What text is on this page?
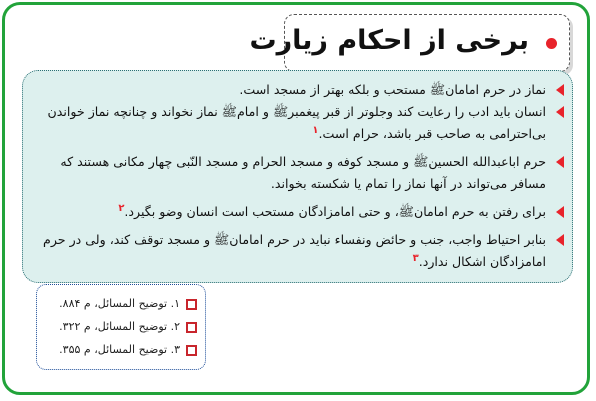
برخی از احکام زیارت
نماز در حرم امامان‌ﷺ مستحب و بلکه بهتر از مسجد است.
انسان باید ادب را رعایت کند وجلوتر از قبر پیغمبرﷺ و امامﷺ نماز نخواند و چنانچه نماز خواندن بی‌احترامی به صاحب قبر باشد، حرام است.$^۱$
حرم اباعبدالله الحسینﷺ و مسجد کوفه و مسجد الحرام و مسجد النّبی چهار مکانی هستند که مسافر می‌تواند در آنها نماز را تمام یا شکسته بخواند.
برای رفتن به حرم امامانﷺ، و حتی امامزادگان مستحب است انسان وضو بگیرد.$^۲$
بنابر احتیاط واجب، جنب و حائض ونفساء نباید در حرم امامانﷺ و مسجد توقف کند، ولی در حرم امامزادگان اشکال ندارد.$^۳$
۱. توضیح المسائل، م ۸۸۴.
۲. توضیح المسائل، م ۳۲۲.
۳. توضیح المسائل، م ۳۵۵.
